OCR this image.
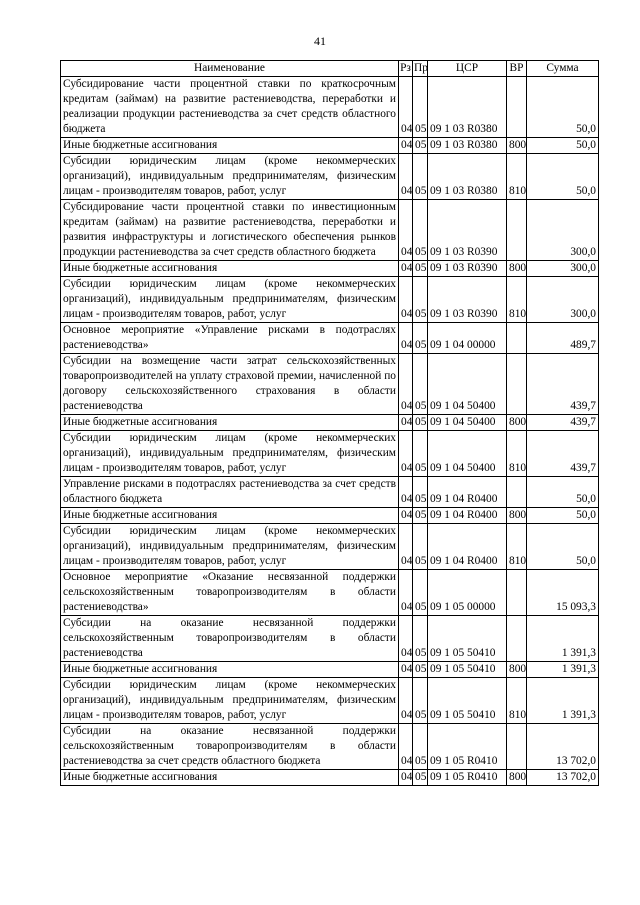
41
Наименование	Рз	Пр	ЦСР	ВР	Сумма
Субсидирование части процентной ставки по краткосрочным кредитам (займам) на развитие растениеводства, переработки и реализации продукции растениеводства за счет средств областного бюджета	04	05	09 1 03 R0380		50,0
Иные бюджетные ассигнования	04	05	09 1 03 R0380	800	50,0
Субсидии юридическим лицам (кроме некоммерческих организаций), индивидуальным предпринимателям, физическим лицам - производителям товаров, работ, услуг	04	05	09 1 03 R0380	810	50,0
Субсидирование части процентной ставки по инвестиционным кредитам (займам) на развитие растениеводства, переработки и развития инфраструктуры и логистического обеспечения рынков продукции растениеводства за счет средств областного бюджета	04	05	09 1 03 R0390		300,0
Иные бюджетные ассигнования	04	05	09 1 03 R0390	800	300,0
Субсидии юридическим лицам (кроме некоммерческих организаций), индивидуальным предпринимателям, физическим лицам - производителям товаров, работ, услуг	04	05	09 1 03 R0390	810	300,0
Основное мероприятие «Управление рисками в подотраслях растениеводства»	04	05	09 1 04 00000		489,7
Субсидии на возмещение части затрат сельскохозяйственных товаропроизводителей на уплату страховой премии, начисленной по договору сельскохозяйственного страхования в области растениеводства	04	05	09 1 04 50400		439,7
Иные бюджетные ассигнования	04	05	09 1 04 50400	800	439,7
Субсидии юридическим лицам (кроме некоммерческих организаций), индивидуальным предпринимателям, физическим лицам - производителям товаров, работ, услуг	04	05	09 1 04 50400	810	439,7
Управление рисками в подотраслях растениеводства за счет средств областного бюджета	04	05	09 1 04 R0400		50,0
Иные бюджетные ассигнования	04	05	09 1 04 R0400	800	50,0
Субсидии юридическим лицам (кроме некоммерческих организаций), индивидуальным предпринимателям, физическим лицам - производителям товаров, работ, услуг	04	05	09 1 04 R0400	810	50,0
Основное мероприятие «Оказание несвязанной поддержки сельскохозяйственным товаропроизводителям в области растениеводства»	04	05	09 1 05 00000		15 093,3
Субсидии на оказание несвязанной поддержки сельскохозяйственным товаропроизводителям в области растениеводства	04	05	09 1 05 50410		1 391,3
Иные бюджетные ассигнования	04	05	09 1 05 50410	800	1 391,3
Субсидии юридическим лицам (кроме некоммерческих организаций), индивидуальным предпринимателям, физическим лицам - производителям товаров, работ, услуг	04	05	09 1 05 50410	810	1 391,3
Субсидии на оказание несвязанной поддержки сельскохозяйственным товаропроизводителям в области растениеводства за счет средств областного бюджета	04	05	09 1 05 R0410		13 702,0
Иные бюджетные ассигнования	04	05	09 1 05 R0410	800	13 702,0
